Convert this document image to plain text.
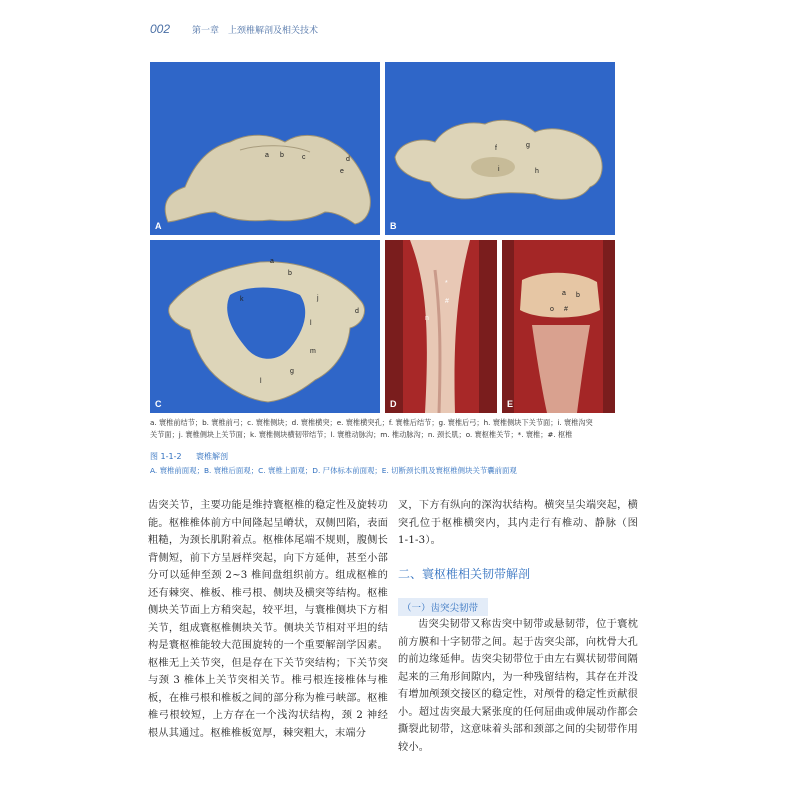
002 第一章　上颈椎解剖及相关技术
a b	c	d
e
A
f	g
h
i
B
a
b
j
k
l
d
m
g
l
C
*
#
n
D
a b
o #
E
a. 寰椎前结节；b. 寰椎前弓；c. 寰椎侧块；d. 寰椎横突；e. 寰椎横突孔；f. 寰椎后结节；g. 寰椎后弓；h. 寰椎侧块下关节面；i. 寰椎沟突
关节面；j. 寰椎侧块上关节面；k. 寰椎侧块横韧带结节；l. 寰椎动脉沟；m. 椎动脉沟；n. 颈长肌；o. 寰枢椎关节；*. 寰椎；#. 枢椎
图 1-1-2 寰椎解剖
A. 寰椎前面观；B. 寰椎后面观；C. 寰椎上面观；D. 尸体标本前面观；E. 切断颈长肌及寰枢椎侧块关节囊前面观

齿突关节，主要功能是维持寰枢椎的稳定性及旋转功能。枢椎椎体前方中间隆起呈嵴状，双侧凹陷，表面粗糙，为颈长肌附着点。枢椎体尾端不规则，腹侧长背侧短，前下方呈唇样突起，向下方延伸，甚至小部分可以延伸至颈 2~3 椎间盘组织前方。组成枢椎的还有棘突、椎板、椎弓根、侧块及横突等结构。枢椎侧块关节面上方稍突起，较平坦，与寰椎侧块下方相关节，组成寰枢椎侧块关节。侧块关节相对平坦的结构是寰枢椎能较大范围旋转的一个重要解剖学因素。枢椎无上关节突，但是存在下关节突结构；下关节突与颈 3 椎体上关节突相关节。椎弓根连接椎体与椎板，在椎弓根和椎板之间的部分称为椎弓峡部。枢椎椎弓根较短，上方存在一个浅沟状结构，颈 2 神经根从其通过。枢椎椎板宽厚，棘突粗大，末端分

叉，下方有纵向的深沟状结构。横突呈尖端突起，横突孔位于枢椎横突内，其内走行有椎动、静脉（图 1-1-3）。

二、寰枢椎相关韧带解剖
（一）齿突尖韧带

齿突尖韧带又称齿突中韧带或悬韧带，位于寰枕前方膜和十字韧带之间。起于齿突尖部，向枕骨大孔的前边缘延伸。齿突尖韧带位于由左右翼状韧带间隔起来的三角形间隙内，为一种残留结构，其存在并没有增加颅颈交接区的稳定性，对颅骨的稳定性贡献很小。超过齿突最大紧张度的任何屈曲或伸展动作都会撕裂此韧带，这意味着头部和颈部之间的尖韧带作用较小。
